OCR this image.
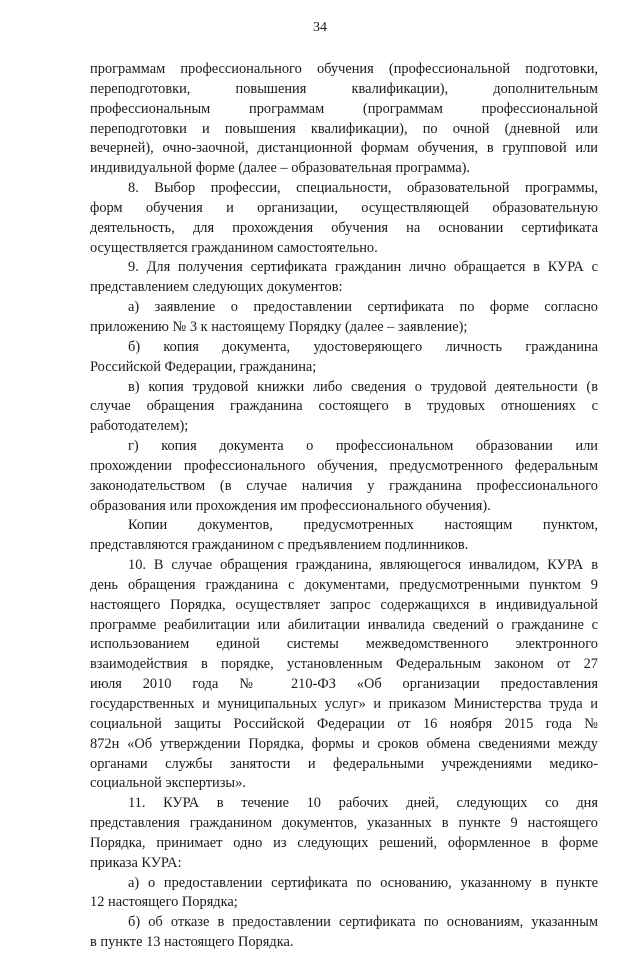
34
программам профессионального обучения (профессиональной подготовки,
переподготовки, повышения квалификации), дополнительным
профессиональным программам (программам профессиональной
переподготовки и повышения квалификации), по очной (дневной или
вечерней), очно-заочной, дистанционной формам обучения, в групповой или
индивидуальной форме (далее – образовательная программа).
8. Выбор профессии, специальности, образовательной программы,
форм обучения и организации, осуществляющей образовательную
деятельность, для прохождения обучения на основании сертификата
осуществляется гражданином самостоятельно.
9. Для получения сертификата гражданин лично обращается в КУРА с
представлением следующих документов:
а) заявление о предоставлении сертификата по форме согласно
приложению № 3 к настоящему Порядку (далее – заявление);
б) копия документа, удостоверяющего личность гражданина
Российской Федерации, гражданина;
в) копия трудовой книжки либо сведения о трудовой деятельности (в
случае обращения гражданина состоящего в трудовых отношениях с
работодателем);
г) копия документа о профессиональном образовании или
прохождении профессионального обучения, предусмотренного федеральным
законодательством (в случае наличия у гражданина профессионального
образования или прохождения им профессионального обучения).
Копии документов, предусмотренных настоящим пунктом,
представляются гражданином с предъявлением подлинников.
10. В случае обращения гражданина, являющегося инвалидом, КУРА в
день обращения гражданина с документами, предусмотренными пунктом 9
настоящего Порядка, осуществляет запрос содержащихся в индивидуальной
программе реабилитации или абилитации инвалида сведений о гражданине с
использованием единой системы межведомственного электронного
взаимодействия в порядке, установленным Федеральным законом от 27
июля 2010 года № 210-ФЗ «Об организации предоставления
государственных и муниципальных услуг» и приказом Министерства труда и
социальной защиты Российской Федерации от 16 ноября 2015 года №
872н «Об утверждении Порядка, формы и сроков обмена сведениями между
органами службы занятости и федеральными учреждениями медико-
социальной экспертизы».
11. КУРА в течение 10 рабочих дней, следующих со дня
представления гражданином документов, указанных в пункте 9 настоящего
Порядка, принимает одно из следующих решений, оформленное в форме
приказа КУРА:
а) о предоставлении сертификата по основанию, указанному в пункте
12 настоящего Порядка;
б) об отказе в предоставлении сертификата по основаниям, указанным
в пункте 13 настоящего Порядка.
